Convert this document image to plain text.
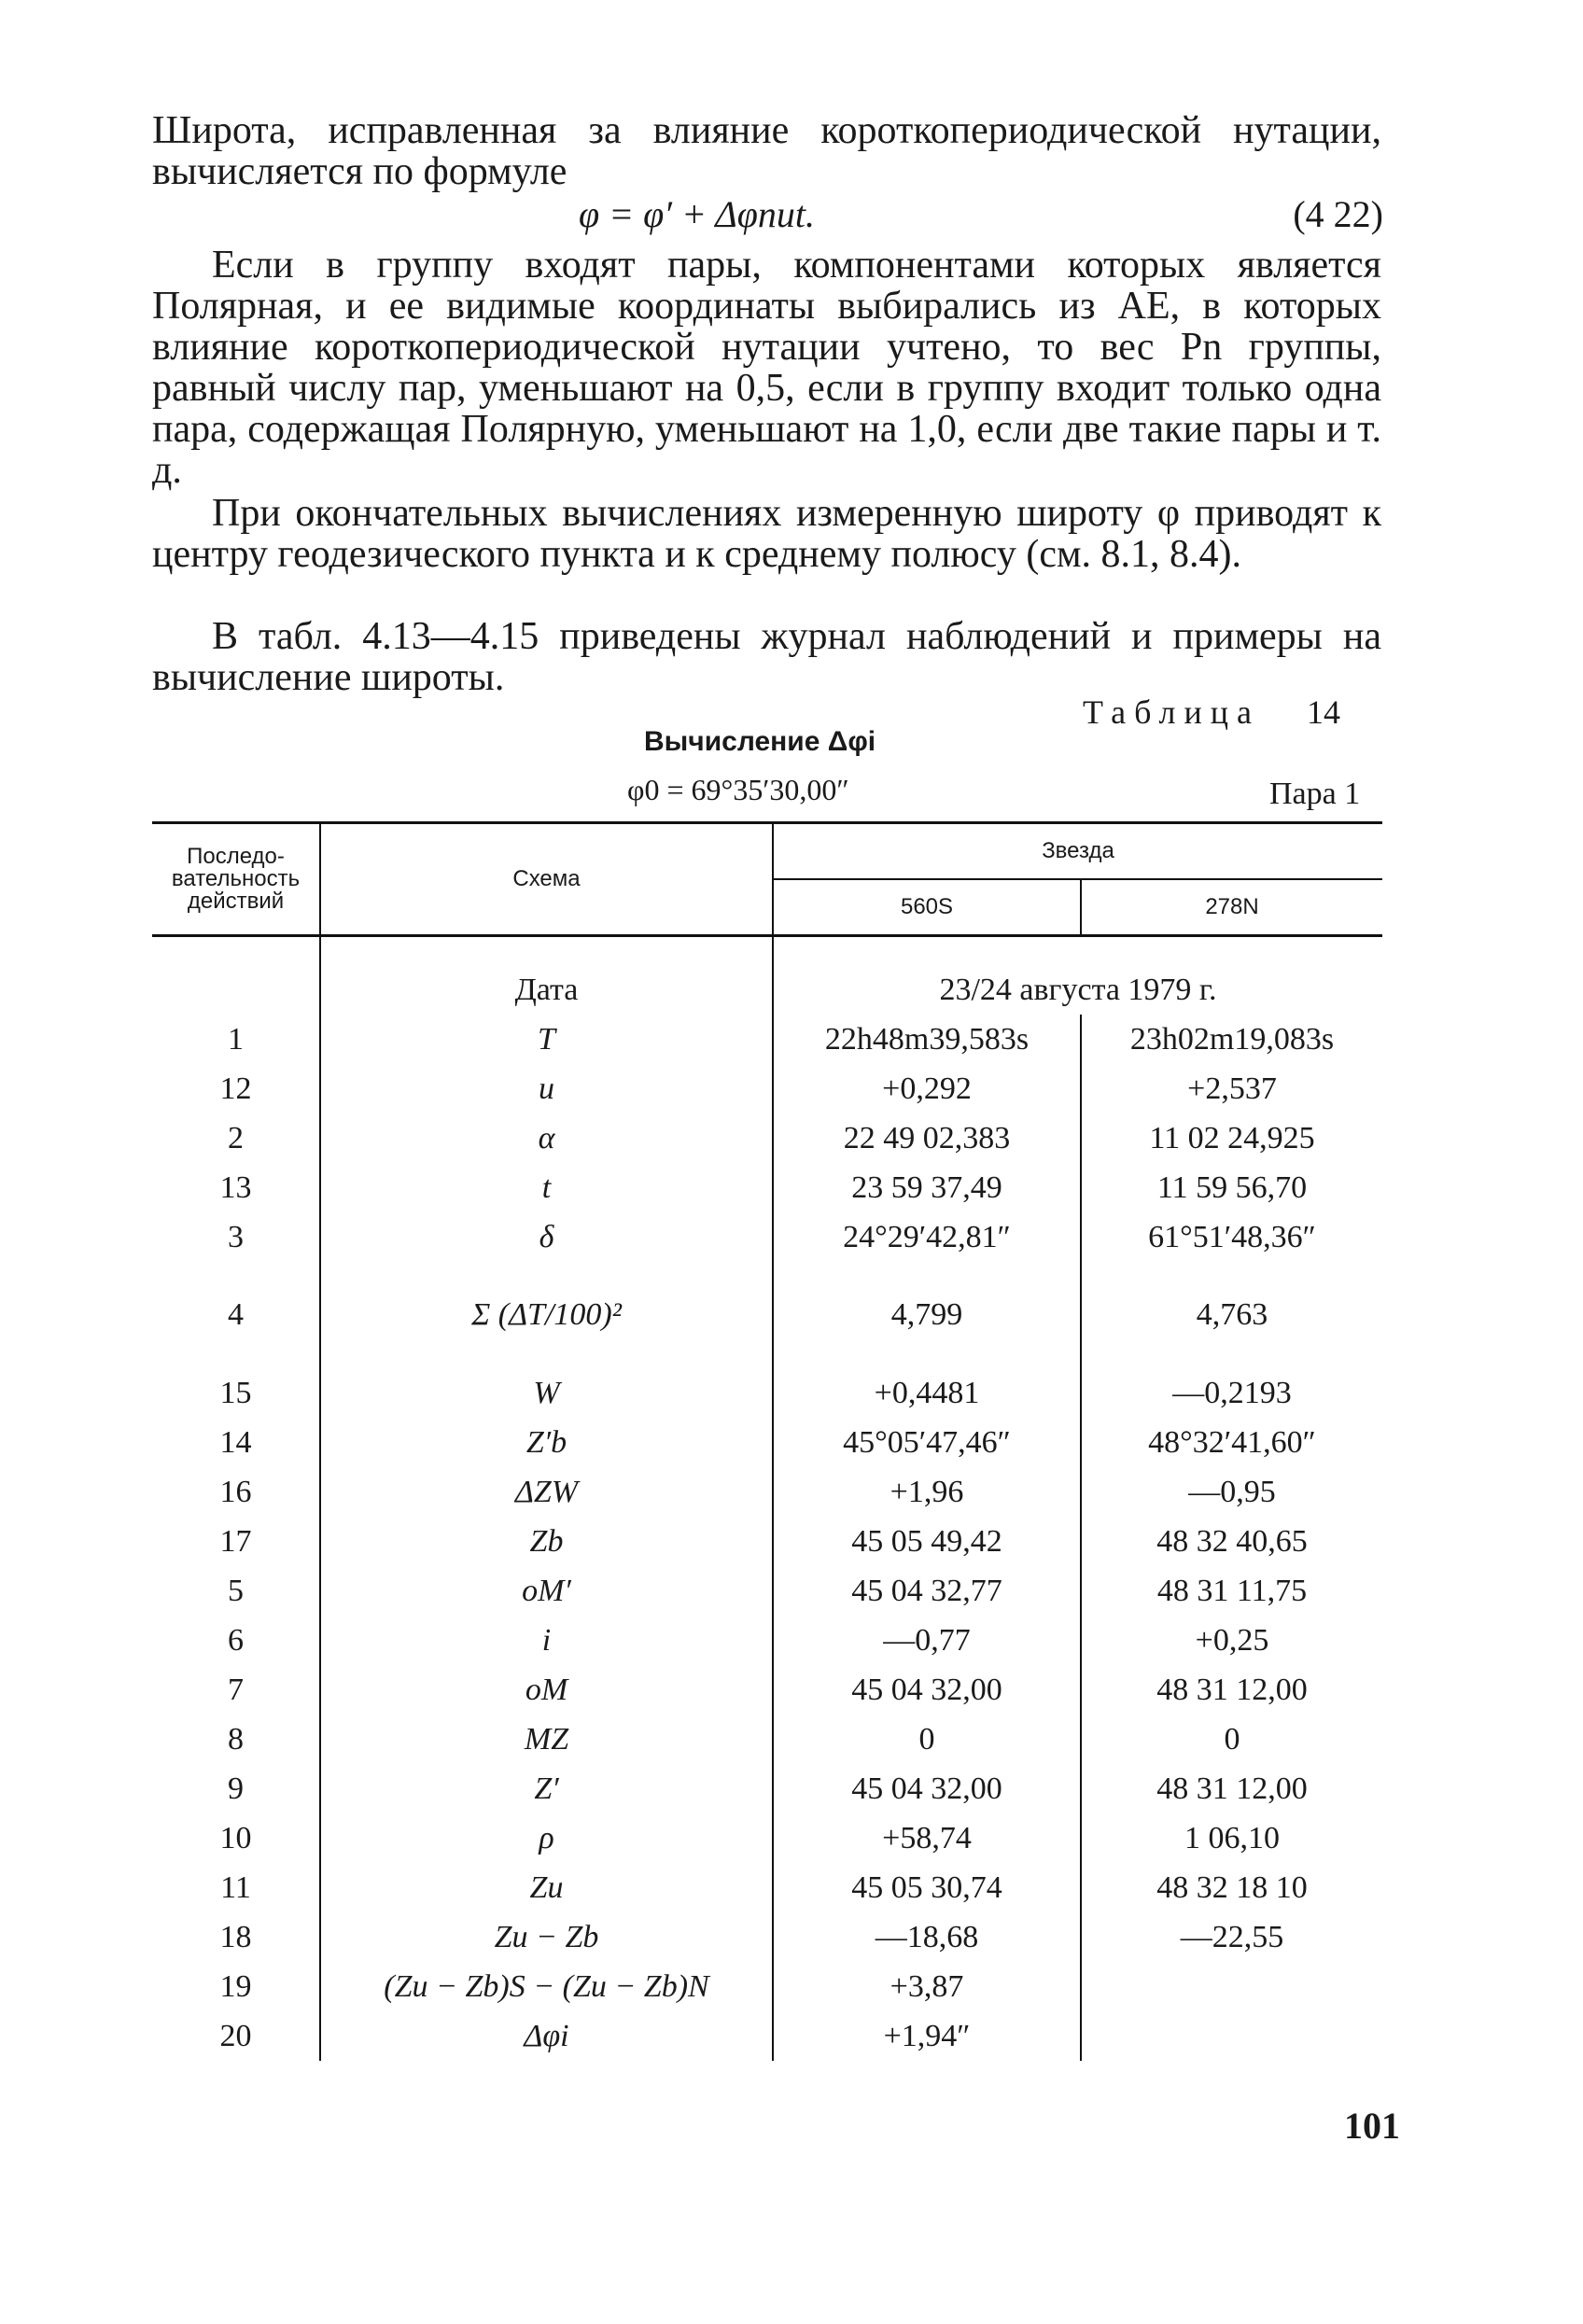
Широта, исправленная за влияние короткопериодической нутации, вычисляется по формуле

φ = φ′ + Δφnut.	(4 22)

Если в группу входят пары, компонентами которых является Полярная, и ее видимые координаты выбирались из АЕ, в которых влияние короткопериодической нутации учтено, то вес Pn группы, равный числу пар, уменьшают на 0,5, если в группу входит только одна пара, содержащая Полярную, уменьшают на 1,0, если две такие пары и т. д.

При окончательных вычислениях измеренную широту φ приводят к центру геодезического пункта и к среднему полюсу (см. 8.1, 8.4).

В табл. 4.13—4.15 приведены журнал наблюдений и примеры на вычисление широты.

Таблица 14
Вычисление Δφi
φ0 = 69°35′30,00″	Пара 1
Последо-вательность действий	Схема	Звезда	
		560S	278N

	Дата	23/24 августа 1979 г.	
1	T	22h48m39,583s	23h02m19,083s
12	u	+0,292	+2,537
2	α	22 49 02,383	11 02 24,925
13	t	23 59 37,49	11 59 56,70
3	δ	24°29′42,81″	61°51′48,36″
4	Σ (ΔT/100)²	4,799	4,763
15	W	+0,4481	—0,2193
14	Z′b	45°05′47,46″	48°32′41,60″
16	ΔZW	+1,96	—0,95
17	Zb	45 05 49,42	48 32 40,65
5	oM′	45 04 32,77	48 31 11,75
6	i	—0,77	+0,25
7	oM	45 04 32,00	48 31 12,00
8	MZ	0	0
9	Z′	45 04 32,00	48 31 12,00
10	ρ	+58,74	1 06,10
11	Zu	45 05 30,74	48 32 18 10
18	Zu − Zb	—18,68	—22,55
19	(Zu − Zb)S − (Zu − Zb)N	+3,87	
20	Δφi	+1,94″	
101
